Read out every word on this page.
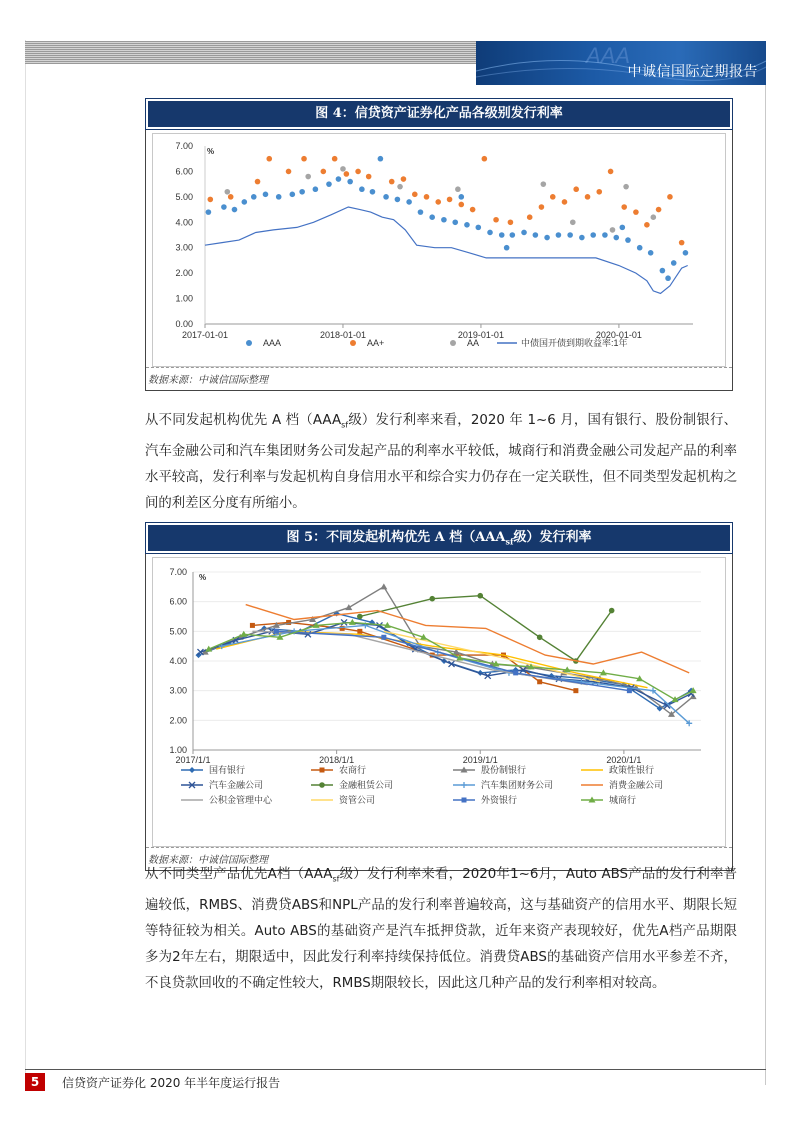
AAA
中诚信国际定期报告
图 4：信贷资产证券化产品各级别发行利率
7.00
6.00
5.00
4.00
3.00
2.00
1.00
0.00
2017-01-01	2018-01-01	2019-01-01	2020-01-01
%
AAA	AA+	AA	中债国开债到期收益率:1年
数据来源：中诚信国际整理
从不同发起机构优先 A 档（$AAA_{sf}$级）发行利率来看，2020 年 1~6 月，国有银行、股份制银行、汽车金融公司和汽车集团财务公司发起产品的利率水平较低，城商行和消费金融公司发起产品的利率水平较高，发行利率与发起机构自身信用水平和综合实力仍存在一定关联性，但不同类型发起机构之间的利差区分度有所缩小。
图 5：不同发起机构优先 A 档（$AAA_{sf}$级）发行利率
7.00
6.00
5.00
4.00
3.00
2.00
1.00
2017/1/1	2018/1/1	2019/1/1	2020/1/1
%
国有银行	农商行	股份制银行	政策性银行
汽车金融公司	金融租赁公司	汽车集团财务公司	消费金融公司
公积金管理中心	资管公司	外资银行	城商行
数据来源：中诚信国际整理
从不同类型产品优先A档（$AAA_{sf}$级）发行利率来看，2020年1~6月，Auto ABS产品的发行利率普遍较低，RMBS、消费贷ABS和NPL产品的发行利率普遍较高，这与基础资产的信用水平、期限长短等特征较为相关。Auto ABS的基础资产是汽车抵押贷款，近年来资产表现较好，优先A档产品期限多为2年左右，期限适中，因此发行利率持续保持低位。消费贷ABS的基础资产信用水平参差不齐，不良贷款回收的不确定性较大，RMBS期限较长，因此这几种产品的发行利率相对较高。
5	信贷资产证券化 2020 年半年度运行报告
